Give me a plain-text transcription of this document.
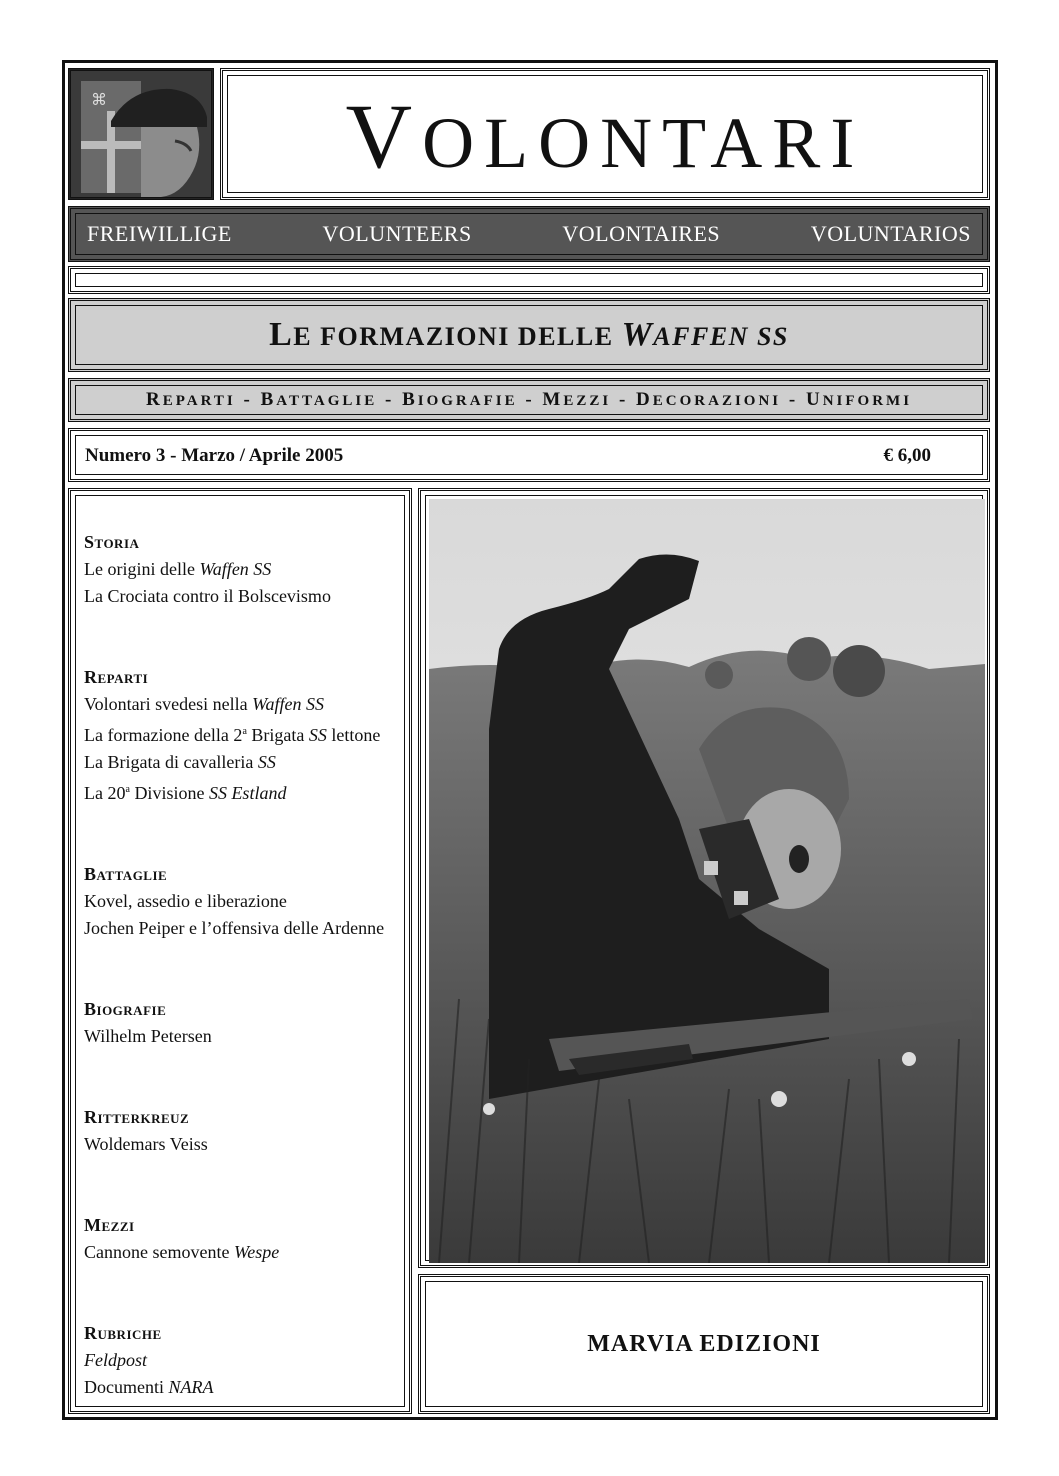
⌘	VOLONTARI
FREIWILLIGE	VOLUNTEERS	VOLONTAIRES	VOLUNTARIOS
LE FORMAZIONI DELLE WAFFEN SS
REPARTI - BATTAGLIE - BIOGRAFIE - MEZZI - DECORAZIONI - UNIFORMI
Numero 3 - Marzo / Aprile 2005	€ 6,00
Storia
Le origini delle Waffen SS
La Crociata contro il Bolscevismo
Reparti
Volontari svedesi nella Waffen SS
La formazione della 2$^a$ Brigata SS lettone
La Brigata di cavalleria SS
La 20$^a$ Divisione SS Estland
Battaglie
Kovel, assedio e liberazione
Jochen Peiper e l’offensiva delle Ardenne
Biografie
Wilhelm Petersen
Ritterkreuz
Woldemars Veiss
Mezzi
Cannone semovente Wespe
Rubriche
Feldpost
Documenti NARA
MARVIA EDIZIONI
